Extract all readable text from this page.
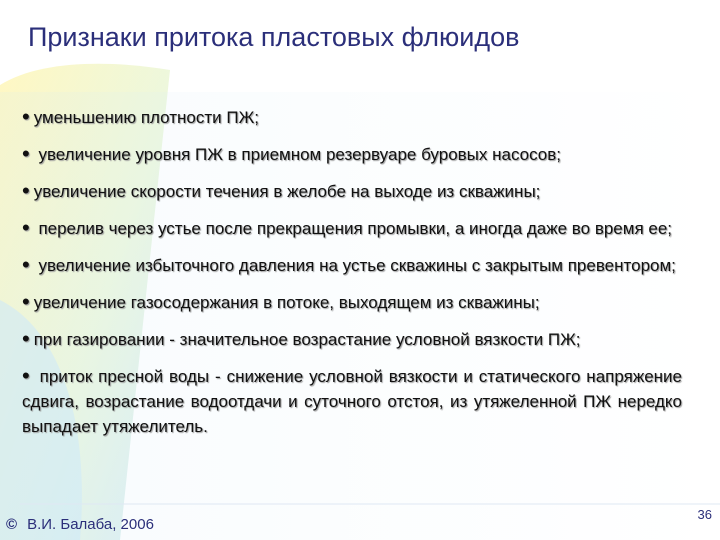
Признаки притока пластовых флюидов
• уменьшению плотности ПЖ;
• увеличение уровня ПЖ в приемном резервуаре буровых насосов;
• увеличение скорости течения в желобе на выходе из скважины;
• перелив через устье после прекращения промывки, а иногда даже во время ее;
• увеличение избыточного давления на устье скважины с закрытым превентором;
• увеличение газосодержания в потоке, выходящем из скважины;
• при газировании - значительное возрастание условной вязкости ПЖ;
• приток пресной воды - снижение условной вязкости и статического напряжение сдвига, возрастание водоотдачи и суточного отстоя, из утяжеленной ПЖ нередко выпадает утяжелитель.
© В.И. Балаба, 2006
36
